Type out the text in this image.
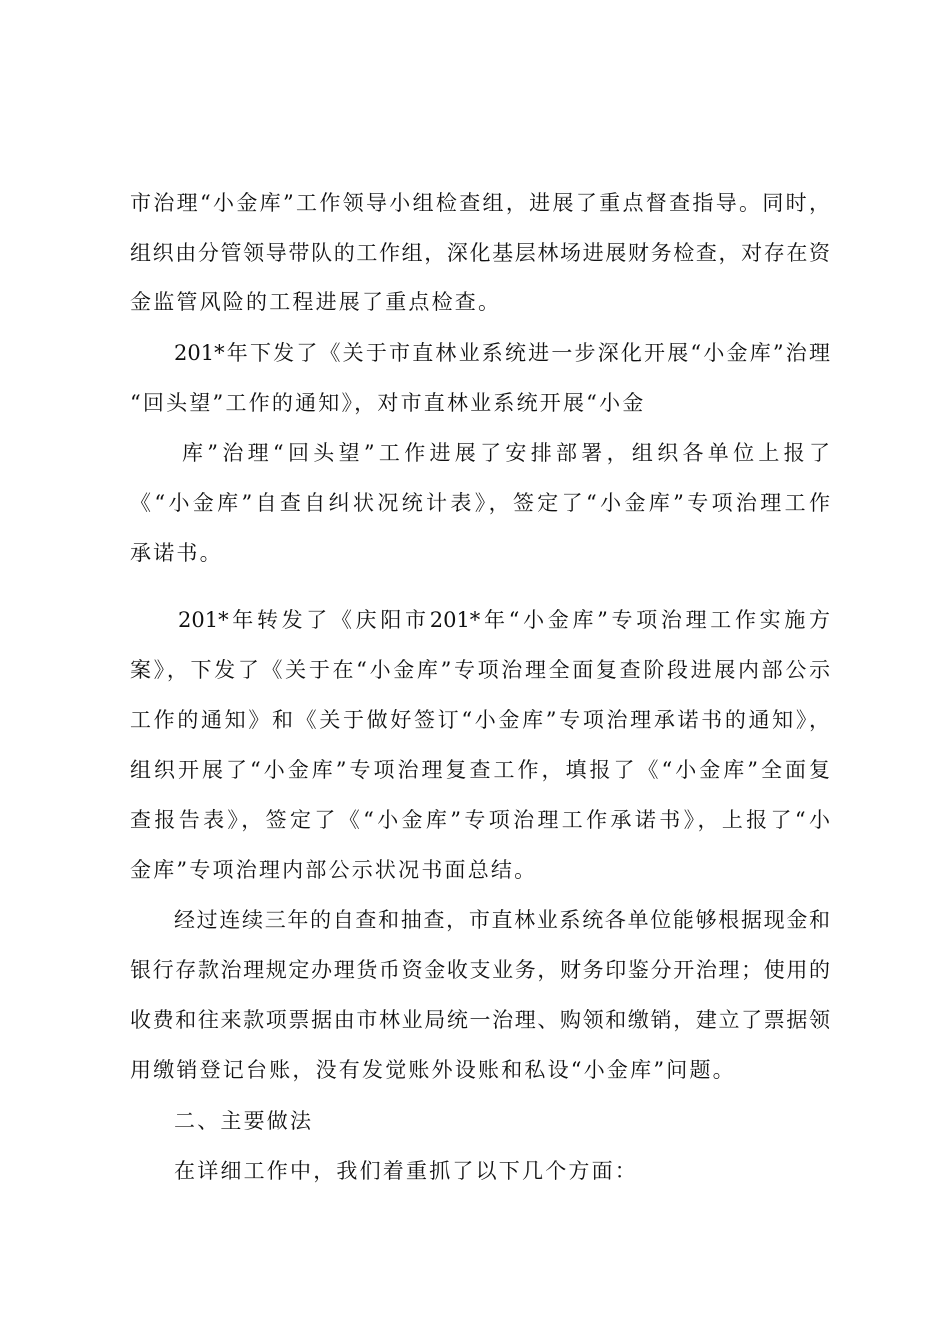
市治理“小金库”工作领导小组检查组，进展了重点督查指导。同时，

组织由分管领导带队的工作组，深化基层林场进展财务检查，对存在资

金监管风险的工程进展了重点检查。

201*年下发了《关于市直林业系统进一步深化开展“小金库”治理

“回头望”工作的通知》，对市直林业系统开展“小金

库”治理“回头望”工作进展了安排部署，组织各单位上报了

《“小金库”自查自纠状况统计表》，签定了“小金库”专项治理工作

承诺书。

201*年转发了《庆阳市201*年“小金库”专项治理工作实施方

案》，下发了《关于在“小金库”专项治理全面复查阶段进展内部公示

工作的通知》和《关于做好签订“小金库”专项治理承诺书的通知》，

组织开展了“小金库”专项治理复查工作，填报了《“小金库”全面复

查报告表》，签定了《“小金库”专项治理工作承诺书》，上报了“小

金库”专项治理内部公示状况书面总结。

经过连续三年的自查和抽查，市直林业系统各单位能够根据现金和

银行存款治理规定办理货币资金收支业务，财务印鉴分开治理；使用的

收费和往来款项票据由市林业局统一治理、购领和缴销，建立了票据领

用缴销登记台账，没有发觉账外设账和私设“小金库”问题。

二、主要做法

在详细工作中，我们着重抓了以下几个方面：
